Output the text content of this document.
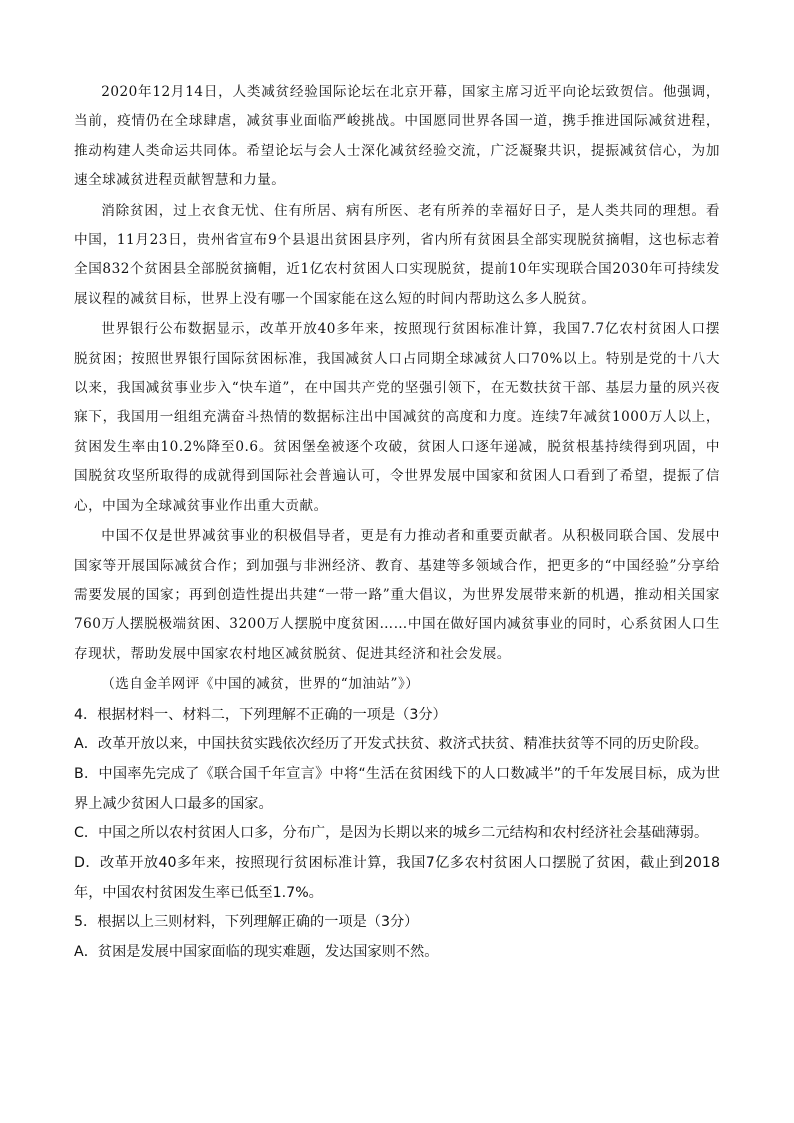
2020年12月14日，人类减贫经验国际论坛在北京开幕，国家主席习近平向论坛致贺信。他强调，当前，疫情仍在全球肆虐，减贫事业面临严峻挑战。中国愿同世界各国一道，携手推进国际减贫进程，推动构建人类命运共同体。希望论坛与会人士深化减贫经验交流，广泛凝聚共识，提振减贫信心，为加速全球减贫进程贡献智慧和力量。

消除贫困，过上衣食无忧、住有所居、病有所医、老有所养的幸福好日子，是人类共同的理想。看中国，11月23日，贵州省宣布9个县退出贫困县序列，省内所有贫困县全部实现脱贫摘帽，这也标志着全国832个贫困县全部脱贫摘帽，近1亿农村贫困人口实现脱贫，提前10年实现联合国2030年可持续发展议程的减贫目标，世界上没有哪一个国家能在这么短的时间内帮助这么多人脱贫。

世界银行公布数据显示，改革开放40多年来，按照现行贫困标准计算，我国7.7亿农村贫困人口摆脱贫困；按照世界银行国际贫困标准，我国减贫人口占同期全球减贫人口70%以上。特别是党的十八大以来，我国减贫事业步入“快车道”，在中国共产党的坚强引领下，在无数扶贫干部、基层力量的夙兴夜寐下，我国用一组组充满奋斗热情的数据标注出中国减贫的高度和力度。连续7年减贫1000万人以上，贫困发生率由10.2%降至0.6。贫困堡垒被逐个攻破，贫困人口逐年递减，脱贫根基持续得到巩固，中国脱贫攻坚所取得的成就得到国际社会普遍认可，令世界发展中国家和贫困人口看到了希望，提振了信心，中国为全球减贫事业作出重大贡献。

中国不仅是世界减贫事业的积极倡导者，更是有力推动者和重要贡献者。从积极同联合国、发展中国家等开展国际减贫合作；到加强与非洲经济、教育、基建等多领域合作，把更多的“中国经验”分享给需要发展的国家；再到创造性提出共建“一带一路”重大倡议，为世界发展带来新的机遇，推动相关国家760万人摆脱极端贫困、3200万人摆脱中度贫困……中国在做好国内减贫事业的同时，心系贫困人口生存现状，帮助发展中国家农村地区减贫脱贫、促进其经济和社会发展。

（选自金羊网评《中国的减贫，世界的“加油站”》）

4．根据材料一、材料二，下列理解不正确的一项是（3分）

A．改革开放以来，中国扶贫实践依次经历了开发式扶贫、救济式扶贫、精准扶贫等不同的历史阶段。

B．中国率先完成了《联合国千年宣言》中将“生活在贫困线下的人口数减半”的千年发展目标，成为世界上减少贫困人口最多的国家。

C．中国之所以农村贫困人口多，分布广，是因为长期以来的城乡二元结构和农村经济社会基础薄弱。

D．改革开放40多年来，按照现行贫困标准计算，我国7亿多农村贫困人口摆脱了贫困，截止到2018年，中国农村贫困发生率已低至1.7%。

5．根据以上三则材料，下列理解正确的一项是（3分）

A．贫困是发展中国家面临的现实难题，发达国家则不然。
